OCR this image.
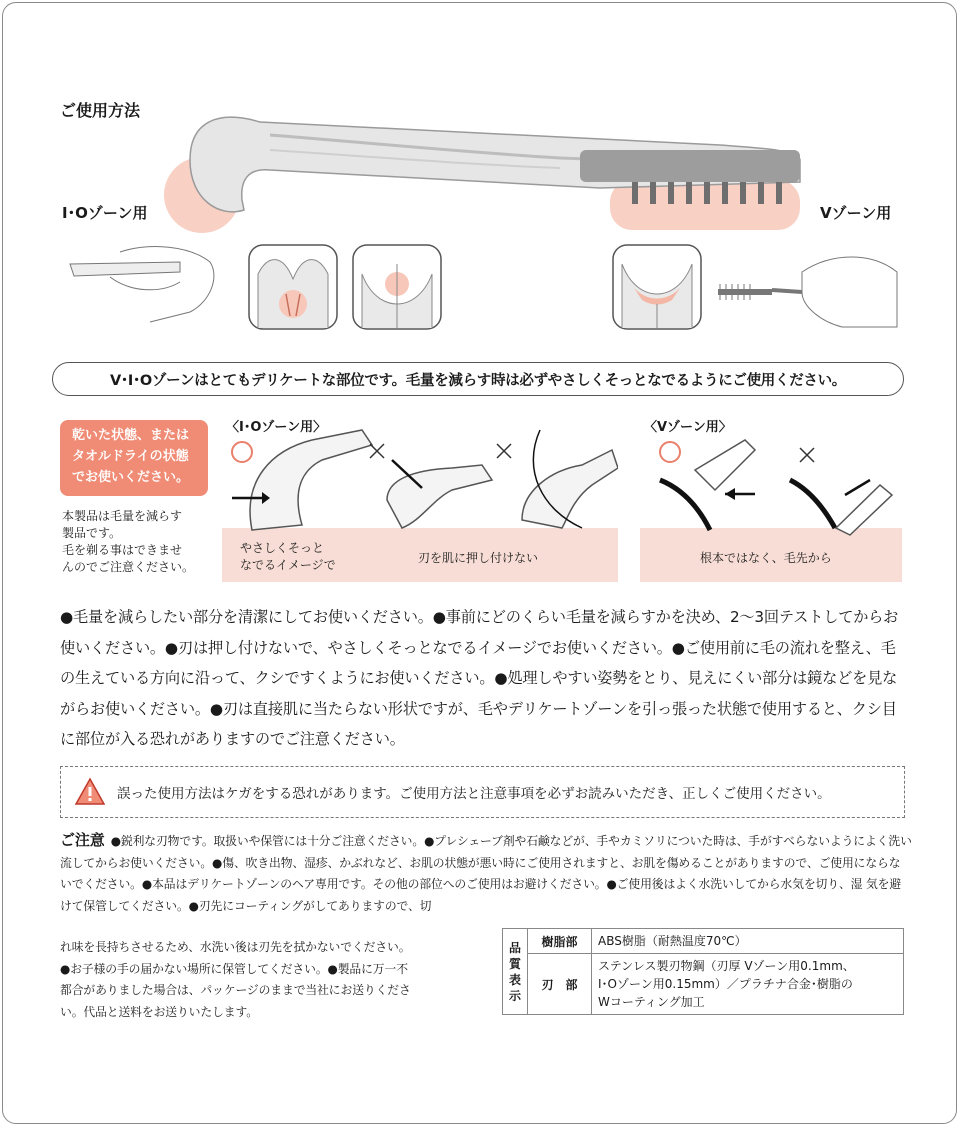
ご使用方法
I･Oゾーン用	Vゾーン用
V･I･Oゾーンはとてもデリケートな部位です。毛量を減らす時は必ずやさしくそっとなでるようにご使用ください。
乾いた状態、または
タオルドライの状態
でお使いください。
本製品は毛量を減らす
製品です。
毛を剃る事はできませ
んのでご注意ください。
やさしくそっと
なでるイメージで	刃を肌に押し付けない
〈I･Oゾーン用〉
根本ではなく、毛先から
〈Vゾーン用〉
●毛量を減らしたい部分を清潔にしてお使いください。●事前にどのくらい毛量を減らすかを決め、2～3回テストしてからお使いください。●刃は押し付けないで、やさしくそっとなでるイメージでお使いください。●ご使用前に毛の流れを整え、毛の生えている方向に沿って、クシですくようにお使いください。●処理しやすい姿勢をとり、見えにくい部分は鏡などを見ながらお使いください。●刃は直接肌に当たらない形状ですが、毛やデリケートゾーンを引っ張った状態で使用すると、クシ目に部位が入る恐れがありますのでご注意ください。
誤った使用方法はケガをする恐れがあります。ご使用方法と注意事項を必ずお読みいただき、正しくご使用ください。
ご注意 ●鋭利な刃物です。取扱いや保管には十分ご注意ください。●プレシェーブ剤や石鹸などが、手やカミソリについた時は、手がすべらないようによく洗い流してからお使いください。●傷、吹き出物、湿疹、かぶれなど、お肌の状態が悪い時にご使用されますと、お肌を傷めることがありますので、ご使用にならないでください。●本品はデリケートゾーンのヘア専用です。その他の部位へのご使用はお避けください。●ご使用後はよく水洗いしてから水気を切り、湿 気を避けて保管してください。●刃先にコーティングがしてありますので、切
れ味を長持ちさせるため、水洗い後は刃先を拭かないでください。
●お子様の手の届かない場所に保管してください。●製品に万一不
都合がありました場合は、パッケージのままで当社にお送りくださ
い。代品と送料をお送りいたします。
品
質
表
示	樹脂部	ABS樹脂（耐熱温度70℃）

	刃　部	ステンレス製刃物鋼（刃厚 Vゾーン用0.1mm、
I･Oゾーン用0.15mm）／プラチナ合金･樹脂の
Wコーティング加工
